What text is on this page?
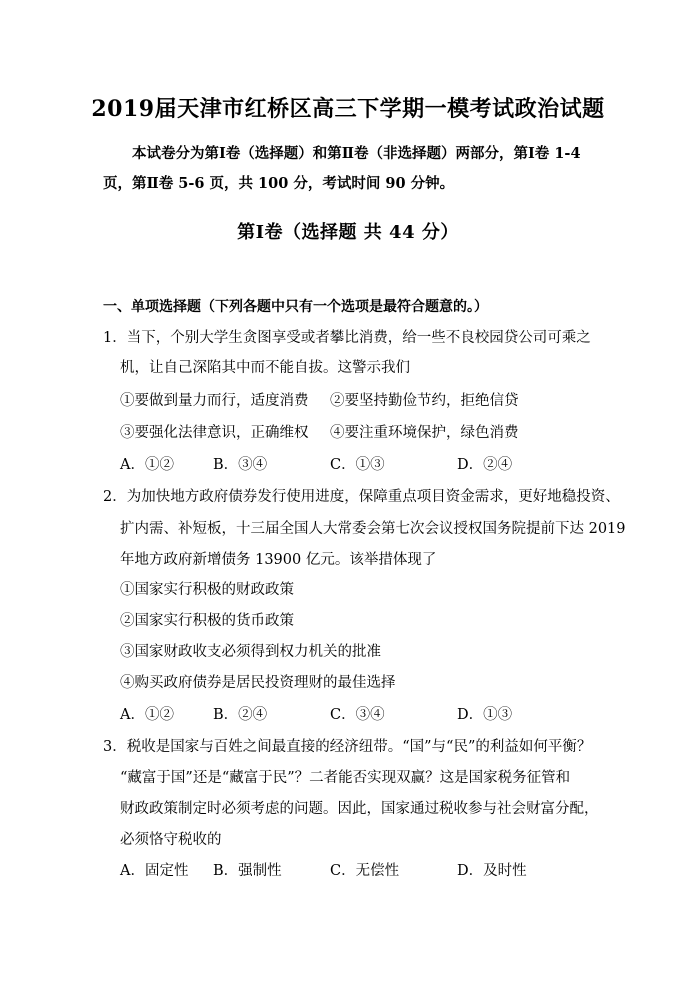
2019届天津市红桥区高三下学期一模考试政治试题
本试卷分为第Ⅰ卷（选择题）和第Ⅱ卷（非选择题）两部分，第Ⅰ卷 1-4
页，第Ⅱ卷 5-6 页，共 100 分，考试时间 90 分钟。
第Ⅰ卷（选择题 共 44 分）
一、单项选择题（下列各题中只有一个选项是最符合题意的。）
1．当下，个别大学生贪图享受或者攀比消费，给一些不良校园贷公司可乘之
机，让自己深陷其中而不能自拔。这警示我们
①要做到量力而行，适度消费 ②要坚持勤俭节约，拒绝信贷
③要强化法律意识，正确维权 ④要注重环境保护，绿色消费
A．①②	B．③④	C．①③	D．②④
2．为加快地方政府债券发行使用进度，保障重点项目资金需求，更好地稳投资、
扩内需、补短板，十三届全国人大常委会第七次会议授权国务院提前下达 2019
年地方政府新增债务 13900 亿元。该举措体现了
①国家实行积极的财政政策
②国家实行积极的货币政策
③国家财政收支必须得到权力机关的批准
④购买政府债券是居民投资理财的最佳选择
A．①②	B．②④	C．③④	D．①③
3．税收是国家与百姓之间最直接的经济纽带。“国”与“民”的利益如何平衡？
“藏富于国”还是“藏富于民”？二者能否实现双赢？这是国家税务征管和
财政政策制定时必须考虑的问题。因此，国家通过税收参与社会财富分配，
必须恪守税收的
A．固定性 B．强制性	C．无偿性	D．及时性
